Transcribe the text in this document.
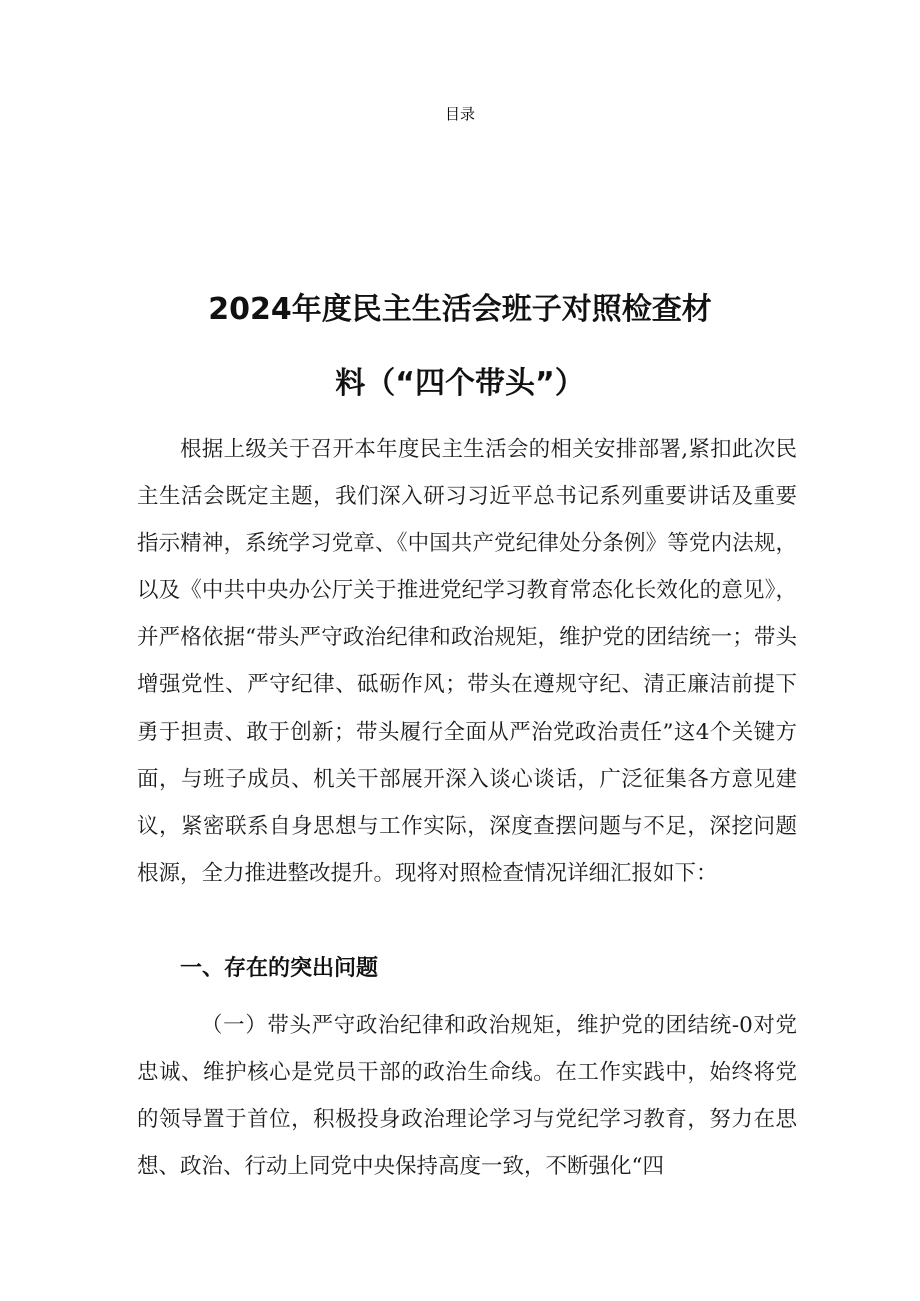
目录
2024年度民主生活会班子对照检查材
料（“四个带头”）

根据上级关于召开本年度民主生活会的相关安排部署,紧扣此次民主生活会既定主题，我们深入研习习近平总书记系列重要讲话及重要指示精神，系统学习党章、《中国共产党纪律处分条例》等党内法规，以及《中共中央办公厅关于推进党纪学习教育常态化长效化的意见》，并严格依据“带头严守政治纪律和政治规矩，维护党的团结统一；带头增强党性、严守纪律、砥砺作风；带头在遵规守纪、清正廉洁前提下勇于担责、敢于创新；带头履行全面从严治党政治责任”这4个关键方面，与班子成员、机关干部展开深入谈心谈话，广泛征集各方意见建议，紧密联系自身思想与工作实际，深度查摆问题与不足，深挖问题根源，全力推进整改提升。现将对照检查情况详细汇报如下：

一、存在的突出问题

（一）带头严守政治纪律和政治规矩，维护党的团结统-0对党忠诚、维护核心是党员干部的政治生命线。在工作实践中，始终将党的领导置于首位，积极投身政治理论学习与党纪学习教育，努力在思想、政治、行动上同党中央保持高度一致，不断强化“四
